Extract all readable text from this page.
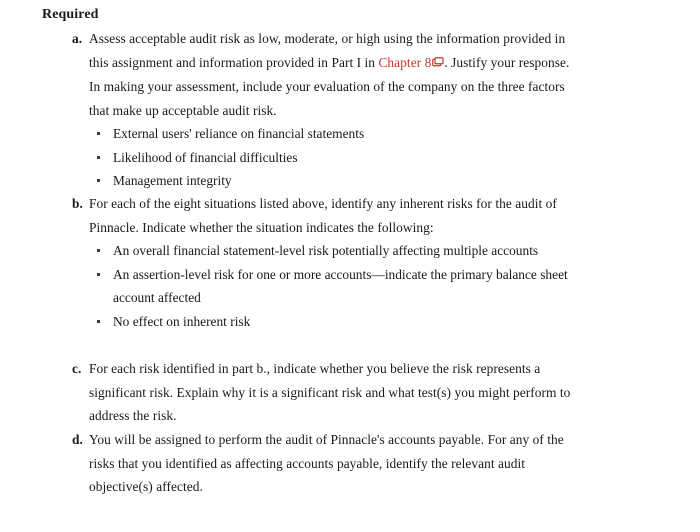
Required
a. Assess acceptable audit risk as low, moderate, or high using the information provided in this assignment and information provided in Part I in Chapter 8 . Justify your response. In making your assessment, include your evaluation of the company on the three factors that make up acceptable audit risk.
External users' reliance on financial statements
Likelihood of financial difficulties
Management integrity
b. For each of the eight situations listed above, identify any inherent risks for the audit of Pinnacle. Indicate whether the situation indicates the following:
An overall financial statement-level risk potentially affecting multiple accounts
An assertion-level risk for one or more accounts—indicate the primary balance sheet account affected
No effect on inherent risk
c. For each risk identified in part b., indicate whether you believe the risk represents a significant risk. Explain why it is a significant risk and what test(s) you might perform to address the risk.
d. You will be assigned to perform the audit of Pinnacle's accounts payable. For any of the risks that you identified as affecting accounts payable, identify the relevant audit objective(s) affected.
